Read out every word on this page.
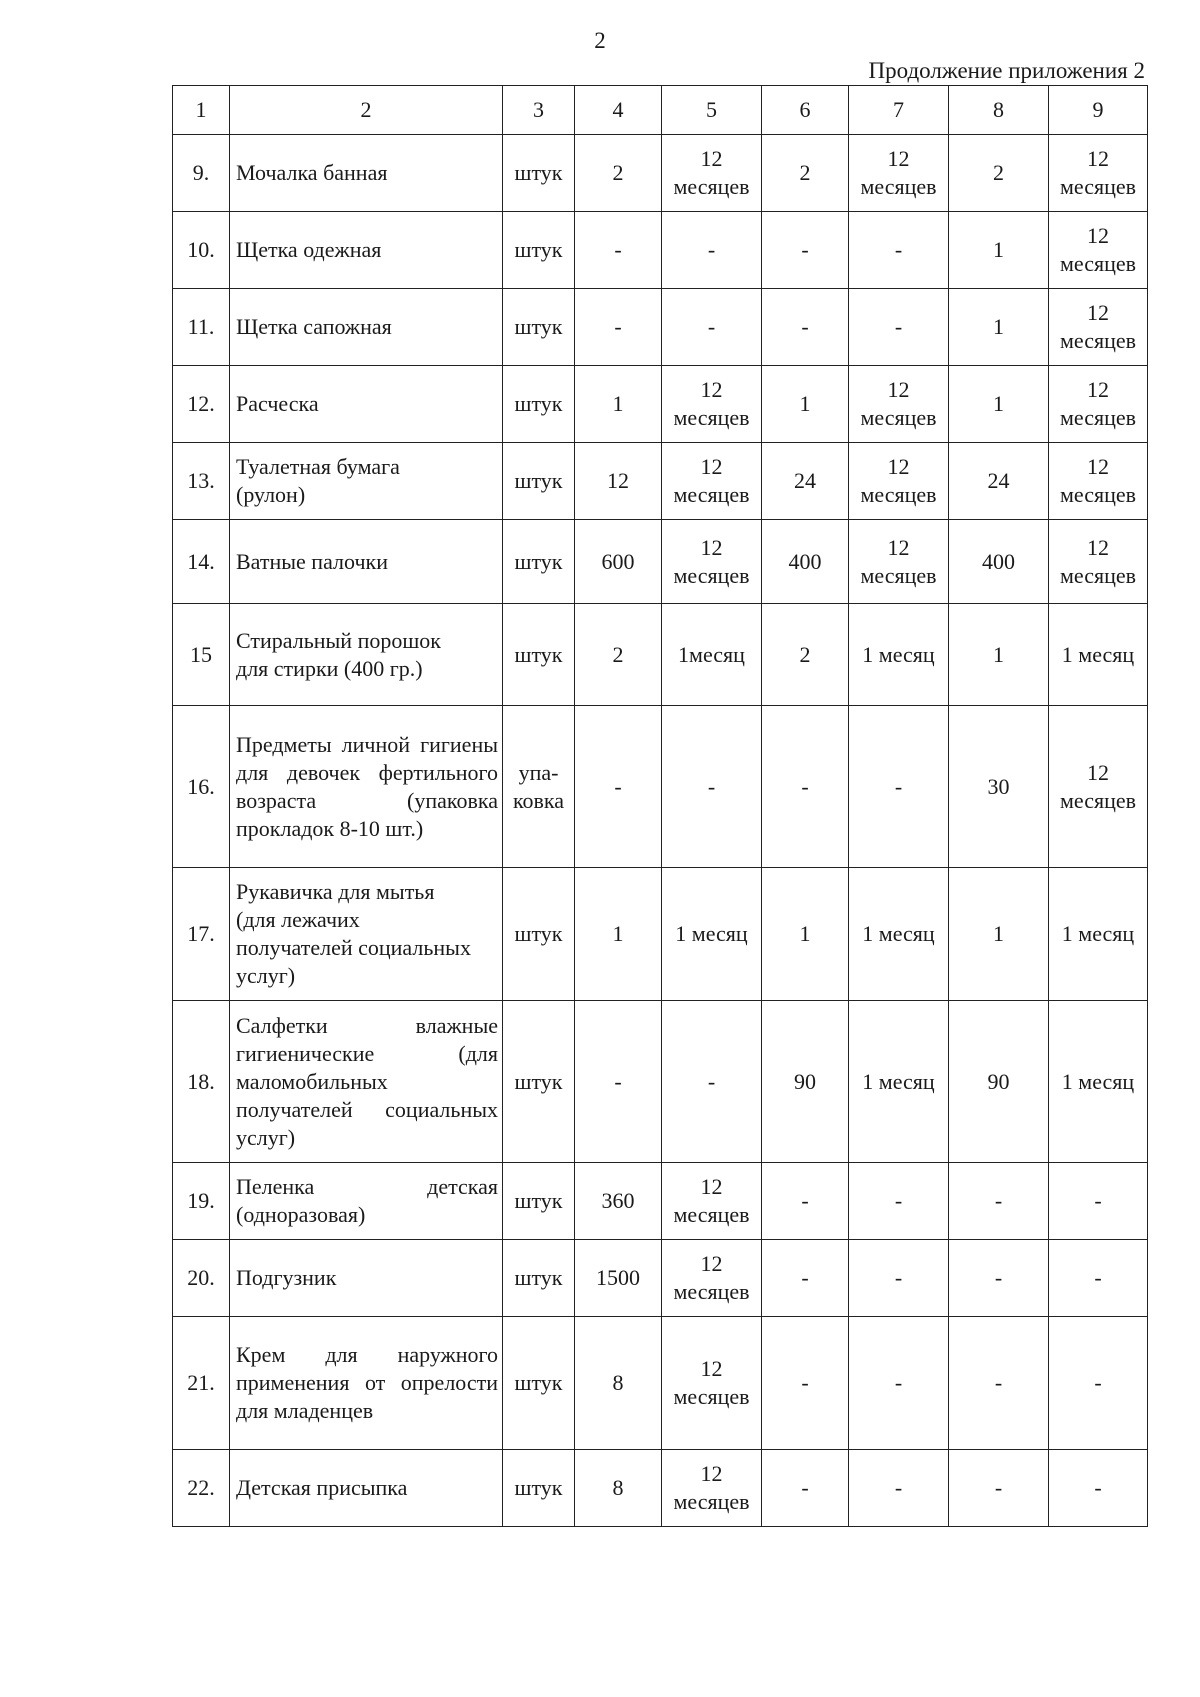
2
Продолжение приложения 2
1	2	3	4	5	6	7	8	9
9.	Мочалка банная	штук	2	12
месяцев	2	12
месяцев	2	12
месяцев
10.	Щетка одежная	штук	-	-	-	-	1	12
месяцев
11.	Щетка сапожная	штук	-	-	-	-	1	12
месяцев
12.	Расческа	штук	1	12
месяцев	1	12
месяцев	1	12
месяцев
13.	Туалетная бумага
(рулон)	штук	12	12
месяцев	24	12
месяцев	24	12
месяцев
14.	Ватные палочки	штук	600	12
месяцев	400	12
месяцев	400	12
месяцев
15	Стиральный порошок
для стирки (400 гр.)	штук	2	1месяц	2	1 месяц	1	1 месяц
16.	Предметы личной гигиены для девочек фертильного возраста (упаковка прокладок 8-10 шт.)	упа-
ковка	-	-	-	-	30	12
месяцев
17.	Рукавичка для мытья
(для лежачих
получателей социальных
услуг)	штук	1	1 месяц	1	1 месяц	1	1 месяц
18.	Салфетки влажные гигиенические (для маломобильных получателей социальных услуг)	штук	-	-	90	1 месяц	90	1 месяц
19.	Пеленка детская (одноразовая)	штук	360	12
месяцев	-	-	-	-
20.	Подгузник	штук	1500	12
месяцев	-	-	-	-
21.	Крем для наружного применения от опрелости для младенцев	штук	8	12
месяцев	-	-	-	-
22.	Детская присыпка	штук	8	12
месяцев	-	-	-	-
